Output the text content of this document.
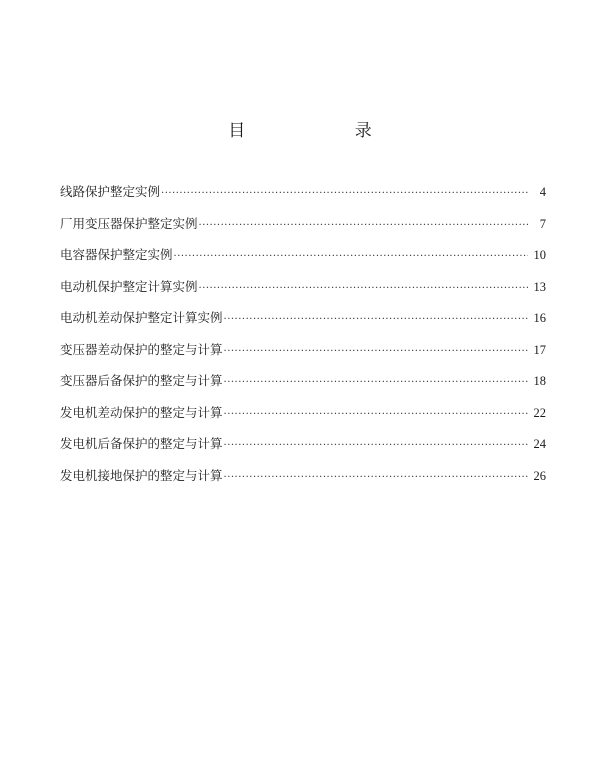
目 录
线路保护整定实例 ·····	4
厂用变压器保护整定实例 ·····	7
电容器保护整定实例 ·····	10
电动机保护整定计算实例 ·····	13
电动机差动保护整定计算实例 ·····	16
变压器差动保护的整定与计算 ·····	17
变压器后备保护的整定与计算 ·····	18
发电机差动保护的整定与计算 ·····	22
发电机后备保护的整定与计算 ·····	24
发电机接地保护的整定与计算 ·····	26
